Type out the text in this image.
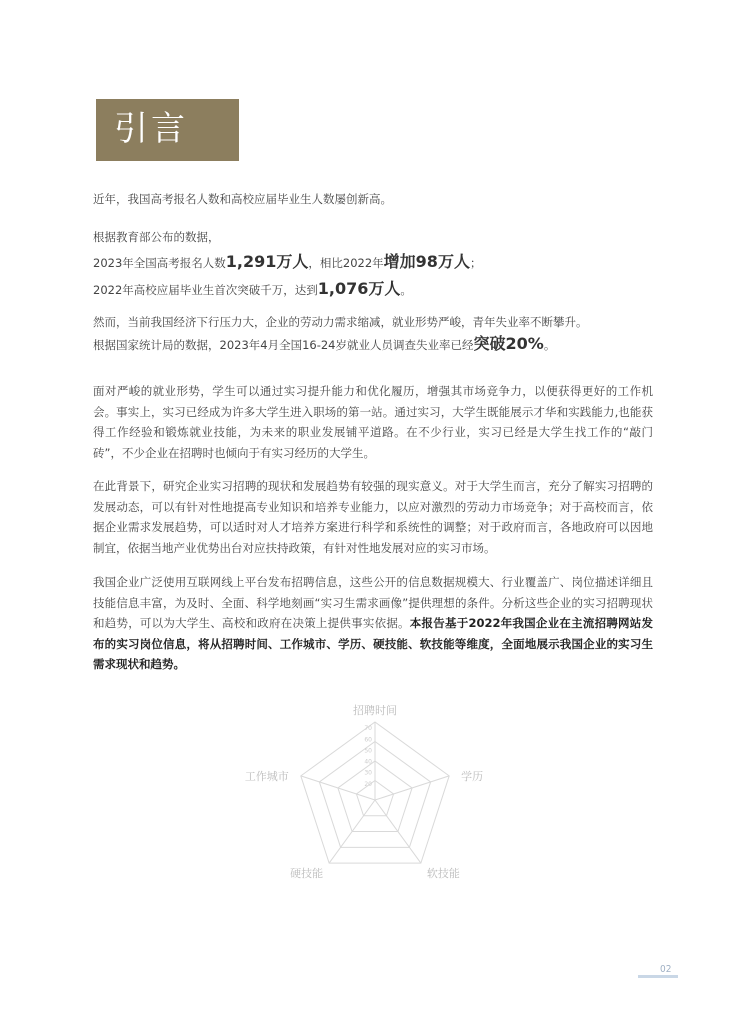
引言
近年，我国高考报名人数和高校应届毕业生人数屡创新高。
根据教育部公布的数据，
2023年全国高考报名人数1,291万人，相比2022年增加98万人；
2022年高校应届毕业生首次突破千万，达到1,076万人。
然而，当前我国经济下行压力大，企业的劳动力需求缩减，就业形势严峻，青年失业率不断攀升。
根据国家统计局的数据，2023年4月全国16-24岁就业人员调查失业率已经突破20%。
面对严峻的就业形势，学生可以通过实习提升能力和优化履历，增强其市场竞争力，以便获得更好的工作机会。事实上，实习已经成为许多大学生进入职场的第一站。通过实习，大学生既能展示才华和实践能力,也能获得工作经验和锻炼就业技能，为未来的职业发展铺平道路。在不少行业，实习已经是大学生找工作的“敲门砖”，不少企业在招聘时也倾向于有实习经历的大学生。
在此背景下，研究企业实习招聘的现状和发展趋势有较强的现实意义。对于大学生而言，充分了解实习招聘的发展动态，可以有针对性地提高专业知识和培养专业能力，以应对激烈的劳动力市场竞争；对于高校而言，依据企业需求发展趋势，可以适时对人才培养方案进行科学和系统性的调整；对于政府而言，各地政府可以因地制宜，依据当地产业优势出台对应扶持政策，有针对性地发展对应的实习市场。
我国企业广泛使用互联网线上平台发布招聘信息，这些公开的信息数据规模大、行业覆盖广、岗位描述详细且技能信息丰富，为及时、全面、科学地刻画“实习生需求画像”提供理想的条件。分析这些企业的实习招聘现状和趋势，可以为大学生、高校和政府在决策上提供事实依据。本报告基于2022年我国企业在主流招聘网站发布的实习岗位信息，将从招聘时间、工作城市、学历、硬技能、软技能等维度，全面地展示我国企业的实习生需求现状和趋势。
20
30
40
50
60
70
招聘时间
学历
软技能
硬技能
工作城市
02
